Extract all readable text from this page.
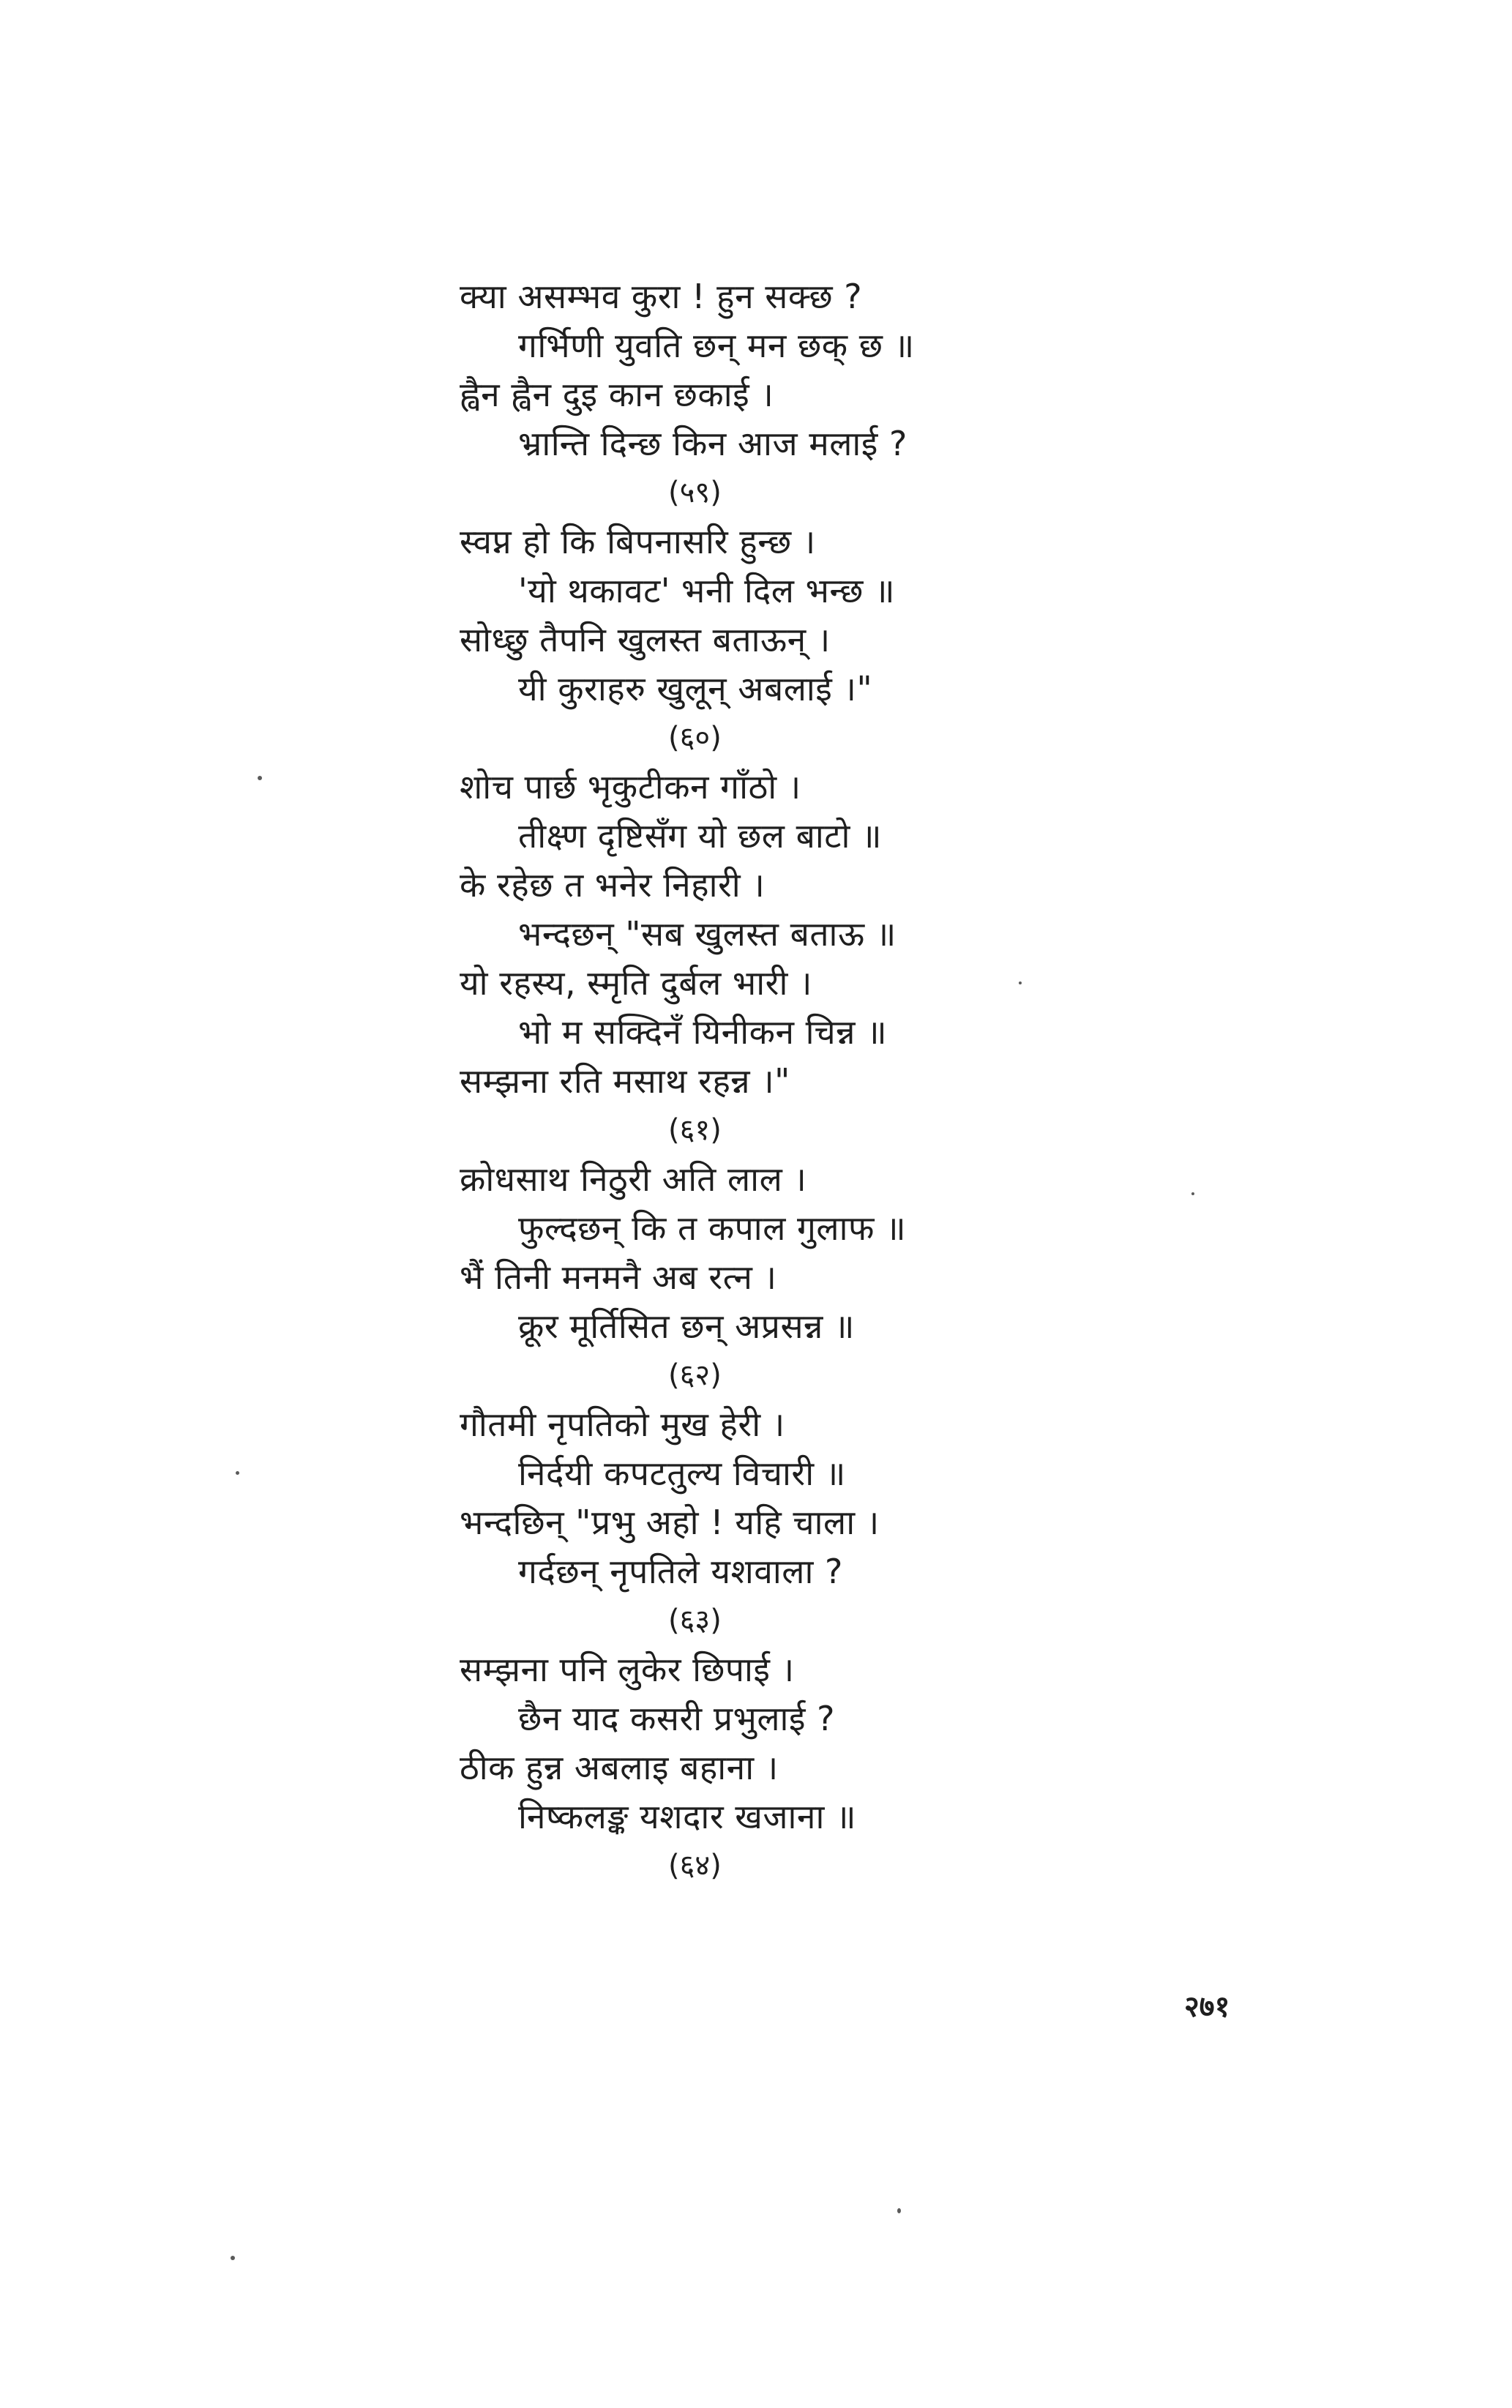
क्या असम्भव कुरा ! हुन सक्छ ?
गर्भिणी युवति छन् मन छक् छ ॥
ह्वैन ह्वैन दुइ कान छकाई ।
भ्रान्ति दिन्छ किन आज मलाई ?
(५९)
स्वप्न हो कि बिपनासरि हुन्छ ।
'यो थकावट' भनी दिल भन्छ ॥
सोध्छु तैपनि खुलस्त बताऊन् ।
यी कुराहरु खुलून् अबलाई ।"
(६०)
शोच पार्छ भृकुटीकन गाँठो ।
तीक्ष्ण दृष्टिसँग यो छल बाटो ॥
के रहेछ त भनेर निहारी ।
भन्दछन् "सब खुलस्त बताऊ ॥
यो रहस्य, स्मृति दुर्बल भारी ।
भो म सक्दिनँ यिनीकन चिन्न ॥
सम्झना रति मसाथ रहन्न ।"
(६१)
क्रोधसाथ निठुरी अति लाल ।
फुल्दछन् कि त कपाल गुलाफ ॥
भैं तिनी मनमनै अब रत्न ।
क्रूर मूर्तिसित छन् अप्रसन्न ॥
(६२)
गौतमी नृपतिको मुख हेरी ।
निर्दयी कपटतुल्य विचारी ॥
भन्दछिन् "प्रभु अहो ! यहि चाला ।
गर्दछन् नृपतिले यशवाला ?
(६३)
सम्झना पनि लुकेर छिपाई ।
छैन याद कसरी प्रभुलाई ?
ठीक हुन्न अबलाइ बहाना ।
निष्कलङ्क यशदार खजाना ॥
(६४)
२७१
